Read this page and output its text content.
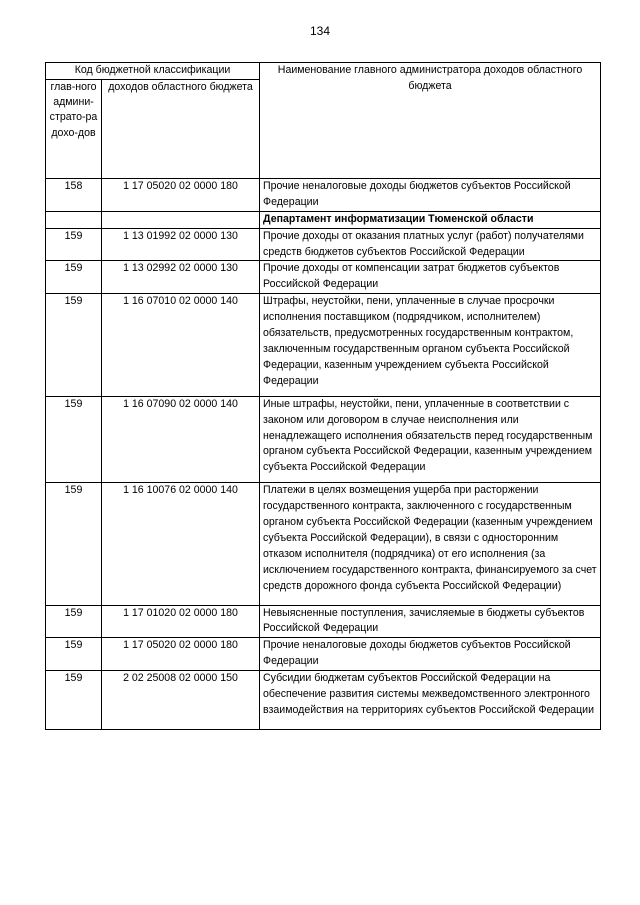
134
Код бюджетной классификации		Наименование главного администратора доходов областного бюджета
глав-ного админи-страто-ра дохо-дов	доходов областного бюджета	
158	1 17 05020 02 0000 180	Прочие неналоговые доходы бюджетов субъектов Российской Федерации
		Департамент информатизации Тюменской области
159	1 13 01992 02 0000 130	Прочие доходы от оказания платных услуг (работ) получателями средств бюджетов субъектов Российской Федерации
159	1 13 02992 02 0000 130	Прочие доходы от компенсации затрат бюджетов субъектов Российской Федерации
159	1 16 07010 02 0000 140	Штрафы, неустойки, пени, уплаченные в случае просрочки исполнения поставщиком (подрядчиком, исполнителем) обязательств, предусмотренных государственным контрактом, заключенным государственным органом субъекта Российской Федерации, казенным учреждением субъекта Российской Федерации
159	1 16 07090 02 0000 140	Иные штрафы, неустойки, пени, уплаченные в соответствии с законом или договором в случае неисполнения или ненадлежащего исполнения обязательств перед государственным органом субъекта Российской Федерации, казенным учреждением субъекта Российской Федерации
159	1 16 10076 02 0000 140	Платежи в целях возмещения ущерба при расторжении государственного контракта, заключенного с государственным органом субъекта Российской Федерации (казенным учреждением субъекта Российской Федерации), в связи с односторонним отказом исполнителя (подрядчика) от его исполнения (за исключением государственного контракта, финансируемого за счет средств дорожного фонда субъекта Российской Федерации)
159	1 17 01020 02 0000 180	Невыясненные поступления, зачисляемые в бюджеты субъектов Российской Федерации
159	1 17 05020 02 0000 180	Прочие неналоговые доходы бюджетов субъектов Российской Федерации
159	2 02 25008 02 0000 150	Субсидии бюджетам субъектов Российской Федерации на обеспечение развития системы межведомственного электронного взаимодействия на территориях субъектов Российской Федерации
